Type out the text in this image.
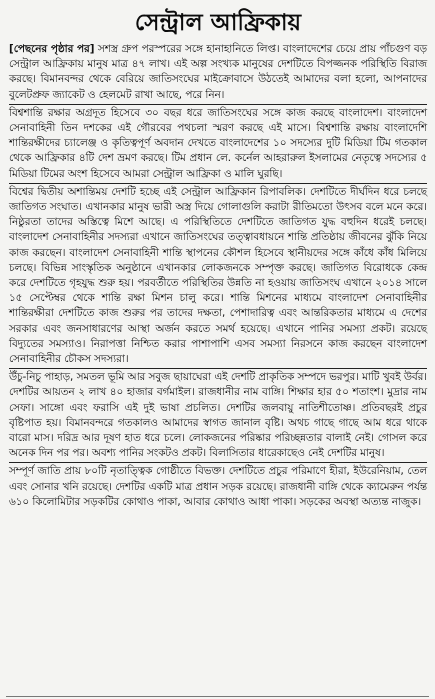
সেন্ট্রাল আফ্রিকায়

[পেছনের পৃষ্ঠার পর] সশস্ত্র গ্রুপ পরস্পরের সঙ্গে হানাহানিতে লিপ্ত। বাংলাদেশের চেয়ে প্রায় পাঁচগুণ বড় সেন্ট্রাল আফ্রিকায় মানুষ মাত্র ৪৭ লাখ। এই অল্প সংখ্যক মানুষের দেশটিতে বিপজ্জনক পরিস্থিতি বিরাজ করছে। বিমানবন্দর থেকে বেরিয়ে জাতিসংঘের মাইক্রোবাসে উঠতেই আমাদের বলা হলো, আপনাদের বুলেটপ্রুফ জ্যাকেট ও হেলমেট রাখা আছে, পরে নিন।

বিশ্বশান্তি রক্ষার অগ্রদূত হিসেবে ৩০ বছর ধরে জাতিসংঘের সঙ্গে কাজ করছে বাংলাদেশ। বাংলাদেশ সেনাবাহিনী তিন দশকের এই গৌরবের পথচলা স্মরণ করছে এই মাসে। বিশ্বশান্তি রক্ষায় বাংলাদেশি শান্তিরক্ষীদের চ্যালেঞ্জ ও কৃতিত্বপূর্ণ অবদান দেখতে বাংলাদেশের ১০ সদস্যের দুটি মিডিয়া টিম গতকাল থেকে আফ্রিকার ৪টি দেশ ভ্রমণ করছে। টিম প্রধান লে. কর্নেল আহরারুল ইসলামের নেতৃত্বে সদস্যের ৫ মিডিয়া টিমের অংশ হিসেবে আমরা সেন্ট্রাল আফ্রিকা ও মালি ঘুরছি।

বিশ্বের দ্বিতীয় অশান্তিময় দেশটি হচ্ছে এই সেন্ট্রাল আফ্রিকান রিপাবলিক। দেশটিতে দীর্ঘদিন ধরে চলছে জাতিগত সংঘাত। এখানকার মানুষ ভারী অস্ত্র দিয়ে গোলাগুলি করাটা রীতিমতো উৎসব বলে মনে করে। নিষ্ঠুরতা তাদের অস্তিত্বে মিশে আছে। এ পরিস্থিতিতে দেশটিতে জাতিগত যুদ্ধ বহুদিন ধরেই চলছে। বাংলাদেশ সেনাবাহিনীর সদস্যরা এখানে জাতিসংঘের তত্ত্বাবধায়নে শান্তি প্রতিষ্ঠায় জীবনের ঝুঁকি নিয়ে কাজ করছেন। বাংলাদেশ সেনাবাহিনী শান্তি স্থাপনের কৌশল হিসেবে স্থানীয়দের সঙ্গে কাঁধে কাঁধ মিলিয়ে চলছে। বিভিন্ন সাংস্কৃতিক অনুষ্ঠানে এখানকার লোকজনকে সম্পৃক্ত করছে। জাতিগত বিরোধকে কেন্দ্র করে দেশটিতে গৃহযুদ্ধ শুরু হয়। পরবর্তীতে পরিস্থিতির উন্নতি না হওয়ায় জাতিসংঘ এখানে ২০১৪ সালে ১৫ সেপ্টেম্বর থেকে শান্তি রক্ষা মিশন চালু করে। শান্তি মিশনের মাধ্যমে বাংলাদেশ সেনাবাহিনীর শান্তিরক্ষীরা দেশটিতে কাজ শুরুর পর তাদের দক্ষতা, পেশাদারিত্ব এবং আন্তরিকতার মাধ্যমে এ দেশের সরকার এবং জনসাধারণের আস্থা অর্জন করতে সমর্থ হয়েছে। এখানে পানির সমস্যা প্রকট। রয়েছে বিদ্যুতের সমস্যাও। নিরাপত্তা নিশ্চিত করার পাশাপাশি এসব সমস্যা নিরসনে কাজ করছেন বাংলাদেশ সেনাবাহিনীর চৌকস সদস্যরা।

উঁচু-নিচু পাহাড়, সমতল ভূমি আর সবুজ ছায়াঘেরা এই দেশটি প্রাকৃতিক সম্পদে ভরপুর। মাটি খুবই উর্বর। দেশটির আয়তন ২ লাখ ৪০ হাজার বর্গমাইল। রাজধানীর নাম বাঙ্গি। শিক্ষার হার ৫০ শতাংশ। মুদ্রার নাম সেফা। সাঙ্গো এবং ফরাসি এই দুই ভাষা প্রচলিত। দেশটির জলবায়ু নাতিশীতোষ্ণ। প্রতিবছরই প্রচুর বৃষ্টিপাত হয়। বিমানবন্দরে গতকালও আমাদের স্বাগত জানাল বৃষ্টি। অথচ গাছে গাছে আম ধরে থাকে বারো মাস। দরিদ্র আর দূষণ হাত ধরে চলে। লোকজনের পরিষ্কার পরিচ্ছন্নতার বালাই নেই। গোসল করে অনেক দিন পর পর। অবশ্য পানির সংকটও প্রকট। বিলাসিতার ধারেকাছেও নেই দেশটির মানুষ।

সম্পূর্ণ জাতি প্রায় ৮০টি নৃতাত্ত্বিক গোষ্ঠীতে বিভক্ত। দেশটিতে প্রচুর পরিমাণে হীরা, ইউরেনিয়াম, তেল এবং সোনার খনি রয়েছে। দেশটির একটি মাত্র প্রধান সড়ক রয়েছে। রাজধানী বাঙ্গি থেকে ক্যামেরুন পর্যন্ত ৬১০ কিলোমিটার সড়কটির কোথাও পাকা, আবার কোথাও আধা পাকা। সড়কের অবস্থা অত্যন্ত নাজুক।
